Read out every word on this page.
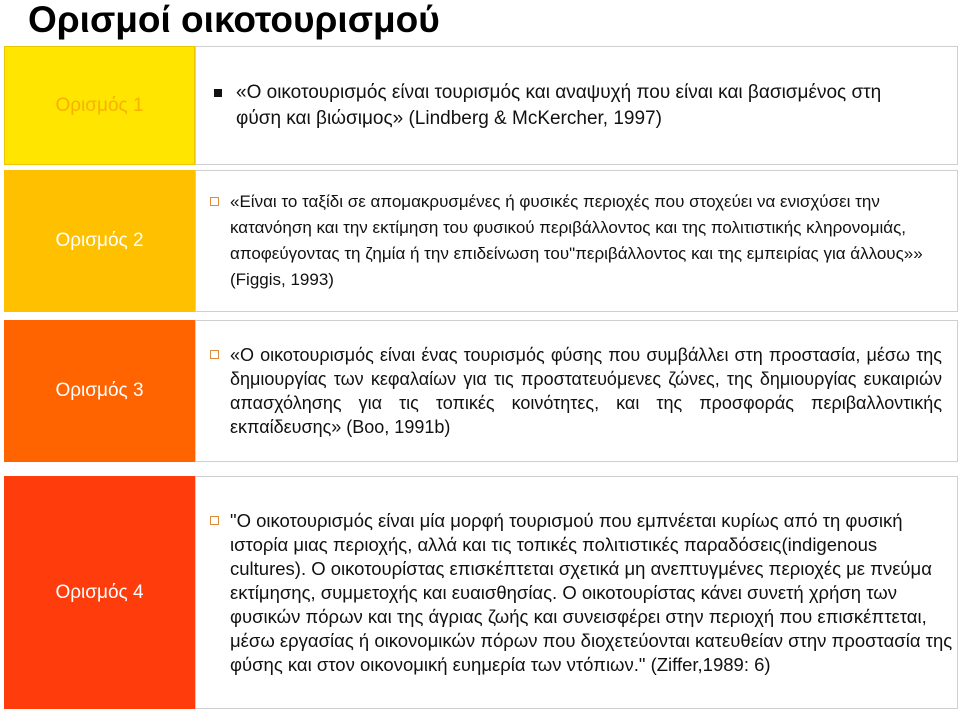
Ορισμοί οικοτουρισμού
Ορισμός 1
«Ο οικοτουρισμός είναι τουρισμός και αναψυχή που είναι και βασισμένος στη φύση και βιώσιμος» (Lindberg & McKercher, 1997)
Ορισμός 2
«Είναι το ταξίδι σε απομακρυσμένες ή φυσικές περιοχές που στοχεύει να ενισχύσει την κατανόηση και την εκτίμηση του φυσικού περιβάλλοντος και της πολιτιστικής κληρονομιάς, αποφεύγοντας τη ζημία ή την επιδείνωση του"περιβάλλοντος και της εμπειρίας για άλλους»» (Figgis, 1993)
Ορισμός 3
«Ο οικοτουρισμός είναι ένας τουρισμός φύσης που συμβάλλει στη προστασία, μέσω της δημιουργίας των κεφαλαίων για τις προστατευόμενες ζώνες, της δημιουργίας ευκαιριών απασχόλησης για τις τοπικές κοινότητες, και της προσφοράς περιβαλλοντικής εκπαίδευσης» (Boo, 1991b)
Ορισμός 4
"Ο οικοτουρισμός είναι μία μορφή τουρισμού που εμπνέεται κυρίως από τη φυσική ιστορία μιας περιοχής, αλλά και τις τοπικές πολιτιστικές παραδόσεις(indigenous cultures). Ο οικοτουρίστας επισκέπτεται σχετικά μη ανεπτυγμένες περιοχές με πνεύμα εκτίμησης, συμμετοχής και ευαισθησίας. Ο οικοτουρίστας κάνει συνετή χρήση των φυσικών πόρων και της άγριας ζωής και συνεισφέρει στην περιοχή που επισκέπτεται, μέσω εργασίας ή οικονομικών πόρων που διοχετεύονται κατευθείαν στην προστασία της φύσης και στον οικονομική ευημερία των ντόπιων." (Ziffer,1989: 6)
